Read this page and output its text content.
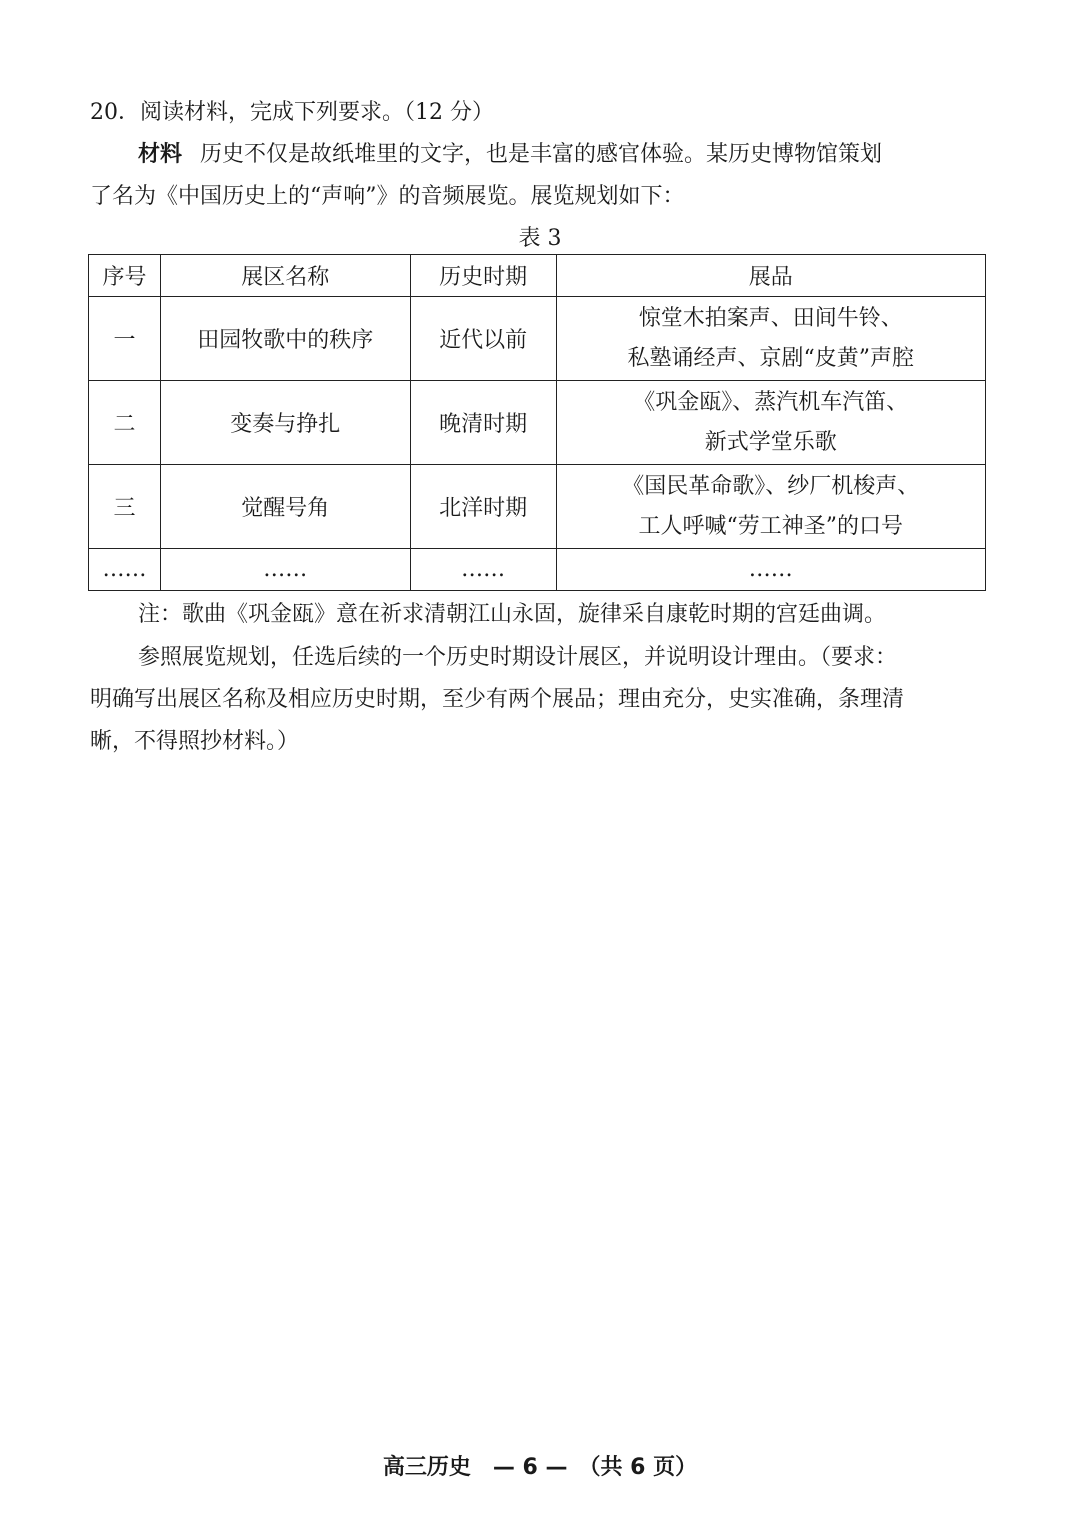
20．阅读材料，完成下列要求。（12 分）
材料 历史不仅是故纸堆里的文字，也是丰富的感官体验。某历史博物馆策划
了名为《中国历史上的“声响”》的音频展览。展览规划如下：
表 3
序号	展区名称	历史时期	展品
一	田园牧歌中的秩序	近代以前	惊堂木拍案声、田间牛铃、
私塾诵经声、京剧“皮黄”声腔

二	变奏与挣扎	晚清时期	《巩金瓯》、蒸汽机车汽笛、
新式学堂乐歌

三	觉醒号角	北洋时期	《国民革命歌》、纱厂机梭声、
工人呼喊“劳工神圣”的口号

……	……	……	……
注：歌曲《巩金瓯》意在祈求清朝江山永固，旋律采自康乾时期的宫廷曲调。
参照展览规划，任选后续的一个历史时期设计展区，并说明设计理由。（要求：
明确写出展区名称及相应历史时期，至少有两个展品；理由充分，史实准确，条理清
晰，不得照抄材料。）
高三历史　— 6 —　（共 6 页）
